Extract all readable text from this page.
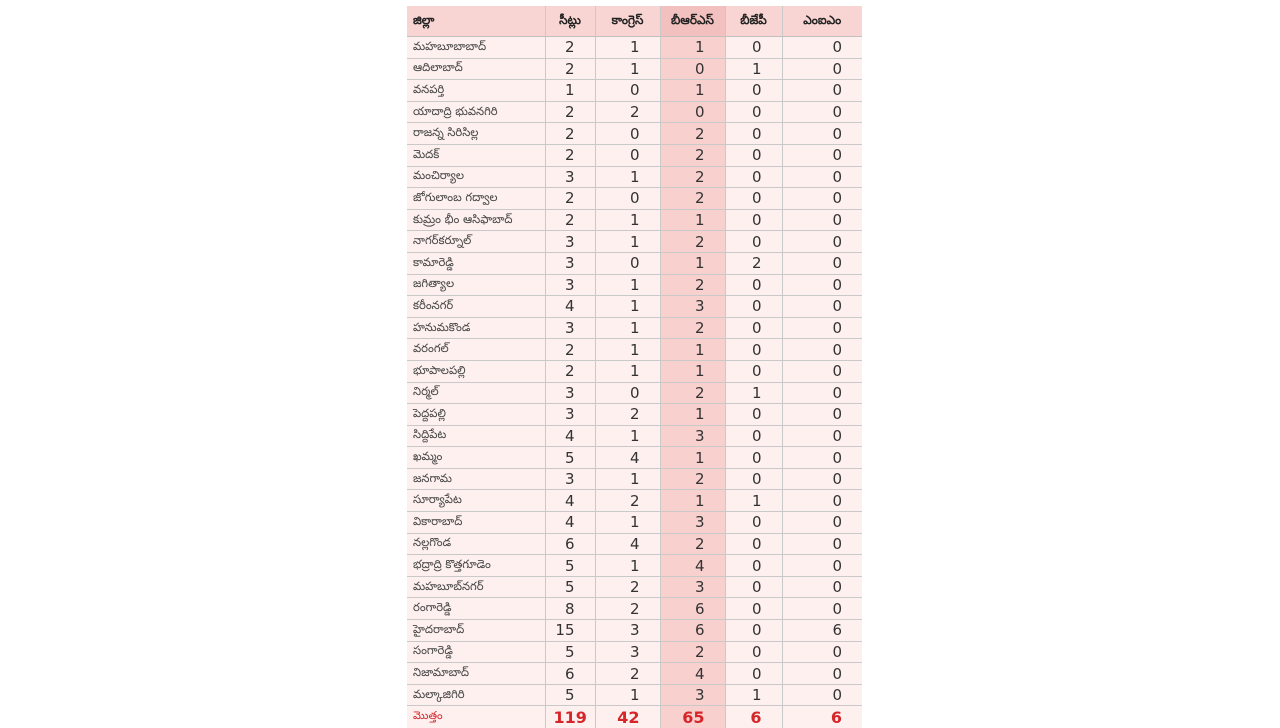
జిల్లా	సీట్లు	కాంగ్రెస్	బీఆర్ఎస్	బీజేపీ	ఎంఐఎం
మహబూబాబాద్	2	1	1	0	0
ఆదిలాబాద్	2	1	0	1	0
వనపర్తి	1	0	1	0	0
యాదాద్రి భువనగిరి	2	2	0	0	0
రాజన్న సిరిసిల్ల	2	0	2	0	0
మెదక్	2	0	2	0	0
మంచిర్యాల	3	1	2	0	0
జోగులాంబ గద్వాల	2	0	2	0	0
కుమ్రం భీం ఆసిఫాబాద్	2	1	1	0	0
నాగర్‌కర్నూల్	3	1	2	0	0
కామారెడ్డి	3	0	1	2	0
జగిత్యాల	3	1	2	0	0
కరీంనగర్	4	1	3	0	0
హనుమకొండ	3	1	2	0	0
వరంగల్	2	1	1	0	0
భూపాలపల్లి	2	1	1	0	0
నిర్మల్	3	0	2	1	0
పెద్దపల్లి	3	2	1	0	0
సిద్దిపేట	4	1	3	0	0
ఖమ్మం	5	4	1	0	0
జనగామ	3	1	2	0	0
సూర్యాపేట	4	2	1	1	0
వికారాబాద్	4	1	3	0	0
నల్లగొండ	6	4	2	0	0
భద్రాద్రి కొత్తగూడెం	5	1	4	0	0
మహబూబ్‌నగర్	5	2	3	0	0
రంగారెడ్డి	8	2	6	0	0
హైదరాబాద్	15	3	6	0	6
సంగారెడ్డి	5	3	2	0	0
నిజామాబాద్	6	2	4	0	0
మల్కాజిగిరి	5	1	3	1	0
మొత్తం	119	42	65	6	6
